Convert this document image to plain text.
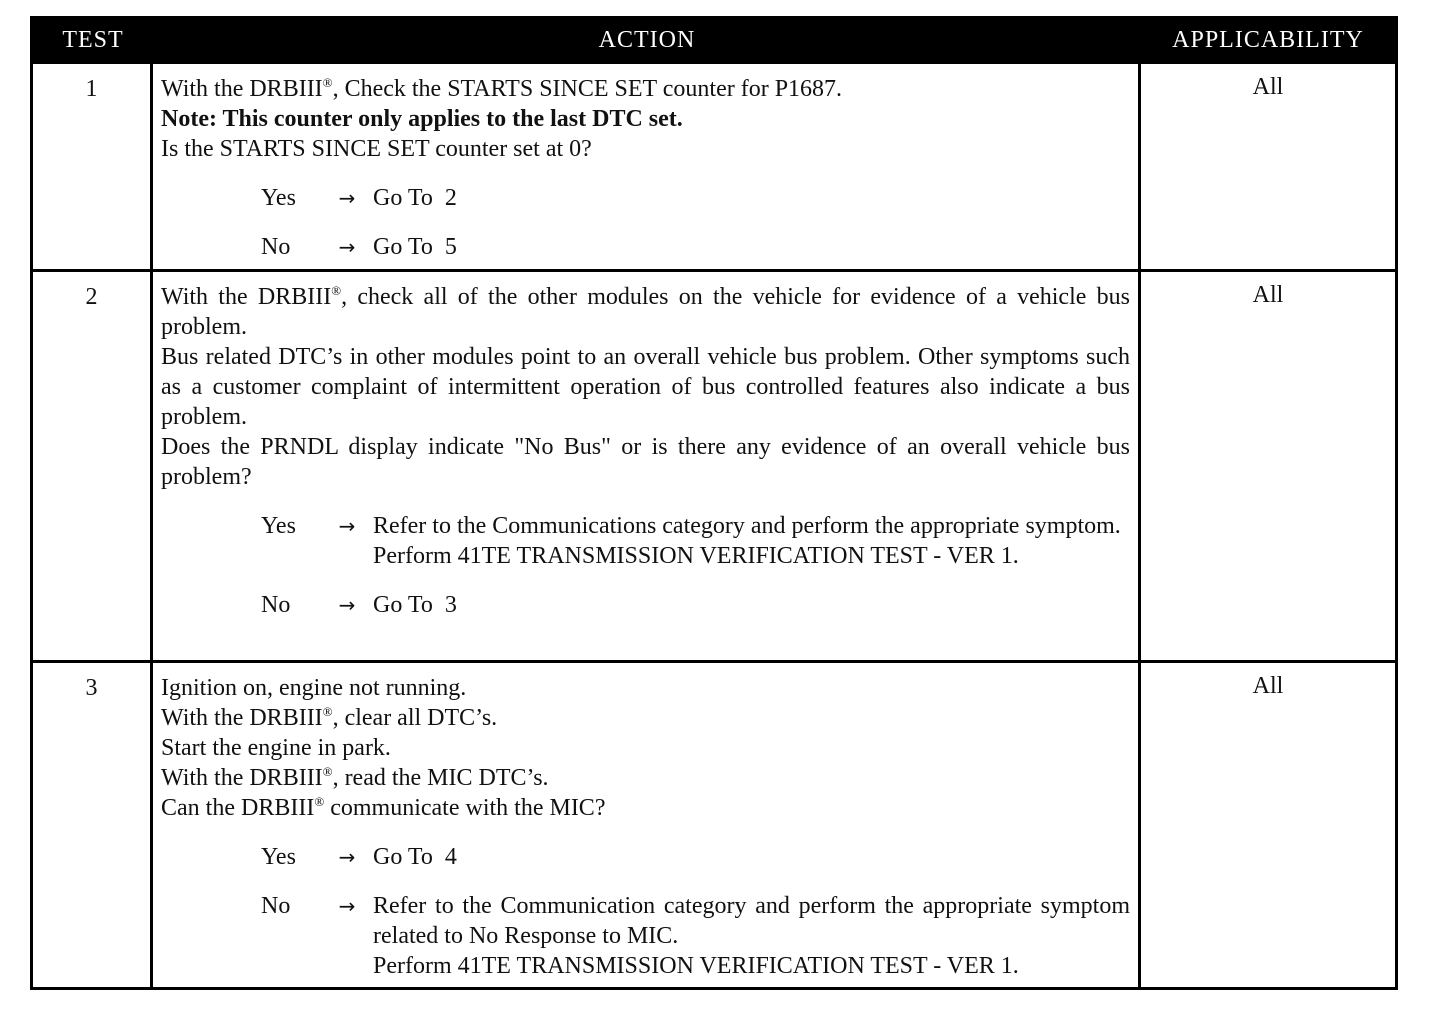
TEST	ACTION	APPLICABILITY
1	With the DRBIII®, Check the STARTS SINCE SET counter for P1687.
Note: This counter only applies to the last DTC set.
Is the STARTS SINCE SET counter set at 0?
Yes	→ Go To  2
No	→ Go To  5
All
2	With the DRBIII®, check all of the other modules on the vehicle for evidence of a vehicle bus problem.
Bus related DTC’s in other modules point to an overall vehicle bus problem. Other symptoms such as a customer complaint of intermittent operation of bus controlled features also indicate a bus problem.
Does the PRNDL display indicate "No Bus" or is there any evidence of an overall vehicle bus problem?
Yes	→ Refer to the Communications category and perform the appropriate symptom.
Perform 41TE TRANSMISSION VERIFICATION TEST - VER 1.
No	→ Go To  3
All
3	Ignition on, engine not running.
With the DRBIII®, clear all DTC’s.
Start the engine in park.
With the DRBIII®, read the MIC DTC’s.
Can the DRBIII® communicate with the MIC?
Yes	→ Go To  4
No	→ Refer to the Communication category and perform the appropriate symptom related to No Response to MIC.
Perform 41TE TRANSMISSION VERIFICATION TEST - VER 1.
All
